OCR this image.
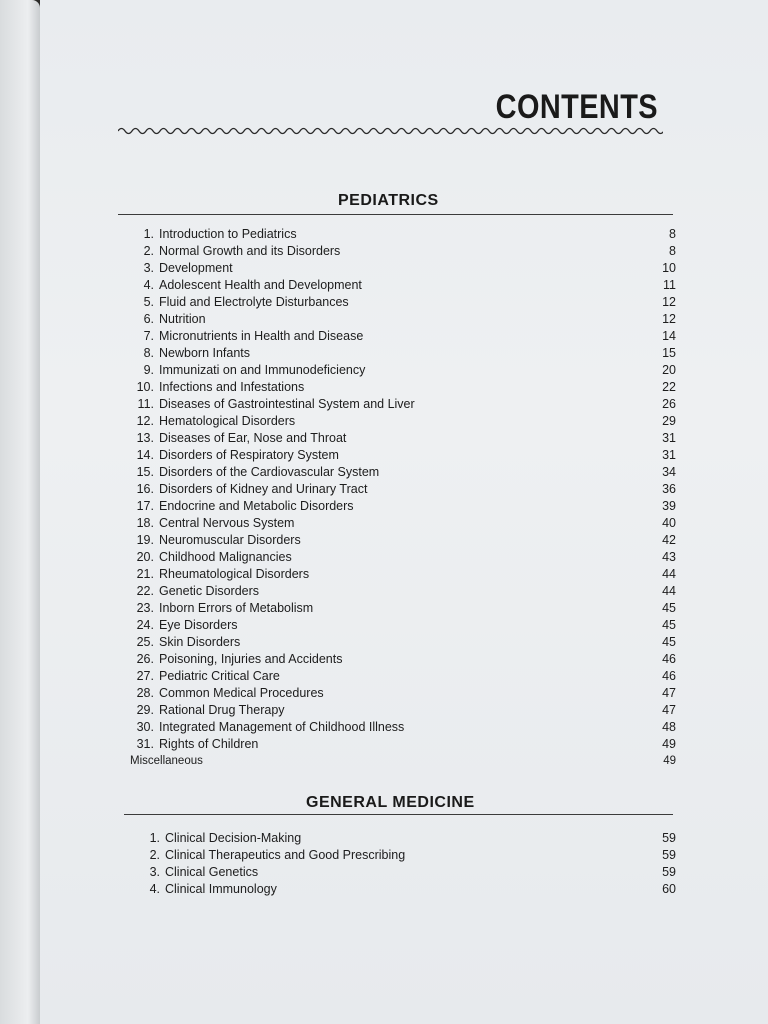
CONTENTS
PEDIATRICS
1. Introduction to Pediatrics	8
2. Normal Growth and its Disorders	8
3. Development	10
4. Adolescent Health and Development	11
5. Fluid and Electrolyte Disturbances	12
6. Nutrition	12
7. Micronutrients in Health and Disease	14
8. Newborn Infants	15
9. Immunizati on and Immunodeficiency	20
10. Infections and Infestations	22
11. Diseases of Gastrointestinal System and Liver	26
12. Hematological Disorders	29
13. Diseases of Ear, Nose and Throat	31
14. Disorders of Respiratory System	31
15. Disorders of the Cardiovascular System	34
16. Disorders of Kidney and Urinary Tract	36
17. Endocrine and Metabolic Disorders	39
18. Central Nervous System	40
19. Neuromuscular Disorders	42
20. Childhood Malignancies	43
21. Rheumatological Disorders	44
22. Genetic Disorders	44
23. Inborn Errors of Metabolism	45
24. Eye Disorders	45
25. Skin Disorders	45
26. Poisoning, Injuries and Accidents	46
27. Pediatric Critical Care	46
28. Common Medical Procedures	47
29. Rational Drug Therapy	47
30. Integrated Management of Childhood Illness	48
31. Rights of Children	49
Miscellaneous	49
GENERAL MEDICINE
1. Clinical Decision-Making	59
2. Clinical Therapeutics and Good Prescribing	59
3. Clinical Genetics	59
4. Clinical Immunology	60
